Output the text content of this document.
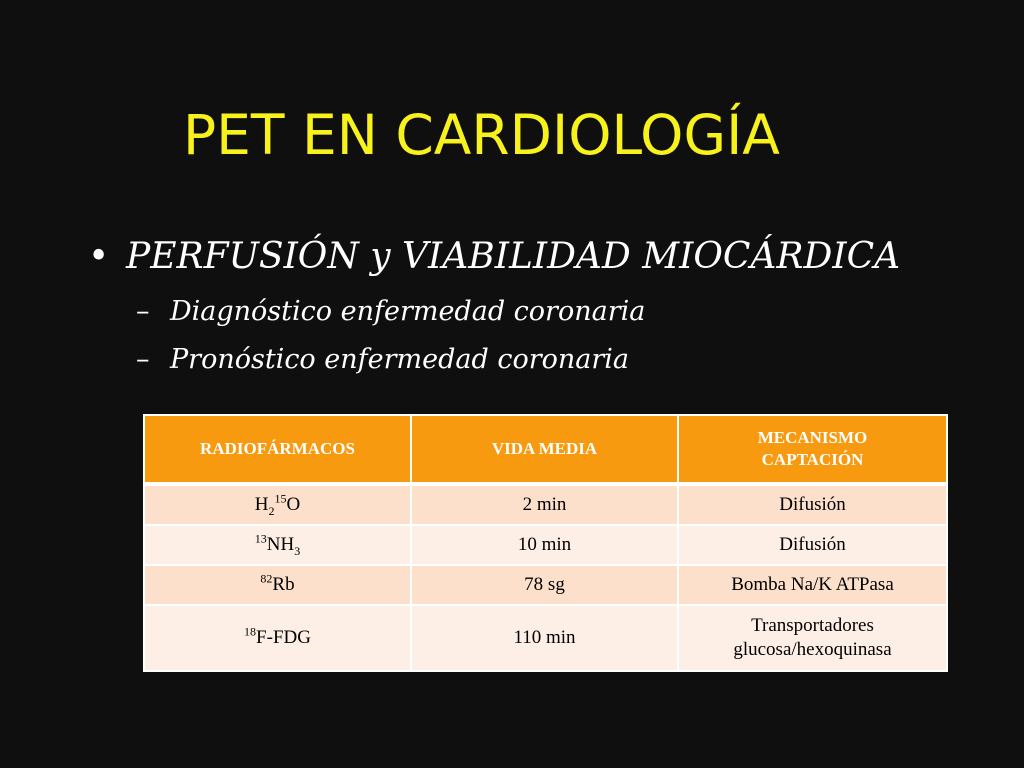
PET EN CARDIOLOGÍA
• PERFUSIÓN y VIABILIDAD MIOCÁRDICA
– Diagnóstico enfermedad coronaria
– Pronóstico enfermedad coronaria
RADIOFÁRMACOS	VIDA MEDIA	MECANISMO
CAPTACIÓN
$H_2^{15}O$	2 min	Difusión
$^{13}NH_3$	10 min	Difusión
$^{82}$Rb	78 sg	Bomba Na/K ATPasa
$^{18}$F-FDG	110 min	Transportadores
glucosa/hexoquinasa
